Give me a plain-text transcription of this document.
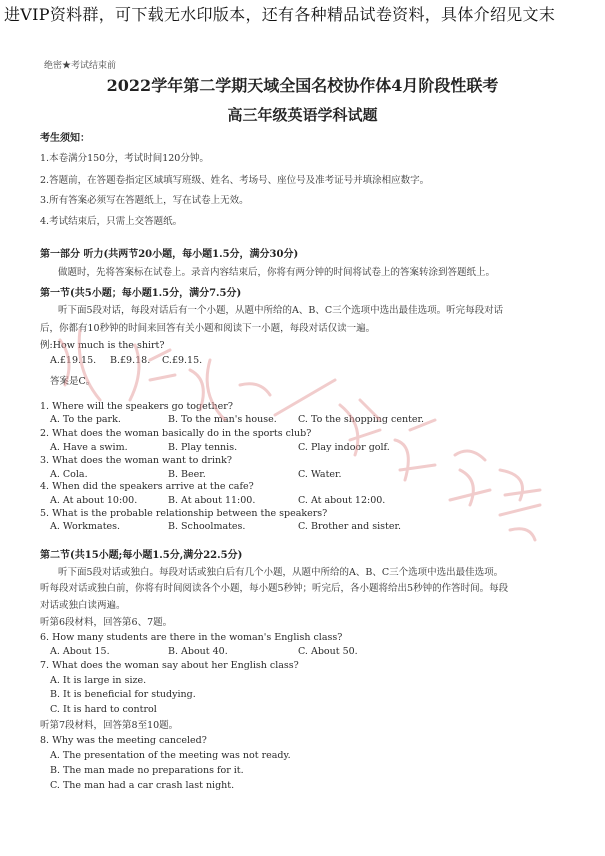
进VIP资料群，可下载无水印版本，还有各种精品试卷资料，具体介绍见文末
绝密★考试结束前
2022学年第二学期天域全国名校协作体4月阶段性联考
高三年级英语学科试题
考生须知：
1.本卷满分150分，考试时间120分钟。
2.答题前，在答题卷指定区域填写班级、姓名、考场号、座位号及准考证号并填涂相应数字。
3.所有答案必须写在答题纸上，写在试卷上无效。
4.考试结束后，只需上交答题纸。
第一部分 听力(共两节20小题，每小题1.5分，满分30分)
做题时，先将答案标在试卷上。录音内容结束后，你将有两分钟的时间将试卷上的答案转涂到答题纸上。
第一节(共5小题；每小题1.5分，满分7.5分)
听下面5段对话，每段对话后有一个小题，从题中所给的A、B、C三个选项中选出最佳选项。听完每段对话
后，你都有10秒钟的时间来回答有关小题和阅读下一小题，每段对话仅读一遍。
例:How much is the shirt?
A.£19.15. B.£9.18. C.£9.15.
答案是C。
1. Where will the speakers go together?
A. To the park.	B. To the man's house. C. To the shopping center.
2. What does the woman basically do in the sports club?
A. Have a swim.	B. Play tennis.	C. Play indoor golf.
3. What does the woman want to drink?
A. Cola.	B. Beer.	C. Water.
4. When did the speakers arrive at the cafe?
A. At about 10:00.	B. At about 11:00.	C. At about 12:00.
5. What is the probable relationship between the speakers?
A. Workmates.	B. Schoolmates.	C. Brother and sister.
第二节(共15小题;每小题1.5分,满分22.5分)
听下面5段对话或独白。每段对话或独白后有几个小题，从题中所给的A、B、C三个选项中选出最佳选项。
听每段对话或独白前，你将有时间阅读各个小题，每小题5秒钟；听完后，各小题将给出5秒钟的作答时间。每段
对话或独白读两遍。
听第6段材料，回答第6、7题。
6. How many students are there in the woman's English class?
A. About 15.	B. About 40.	C. About 50.
7. What does the woman say about her English class?
A. It is large in size.
B. It is beneficial for studying.
C. It is hard to control
听第7段材料，回答第8至10题。
8. Why was the meeting canceled?
A. The presentation of the meeting was not ready.
B. The man made no preparations for it.
C. The man had a car crash last night.
